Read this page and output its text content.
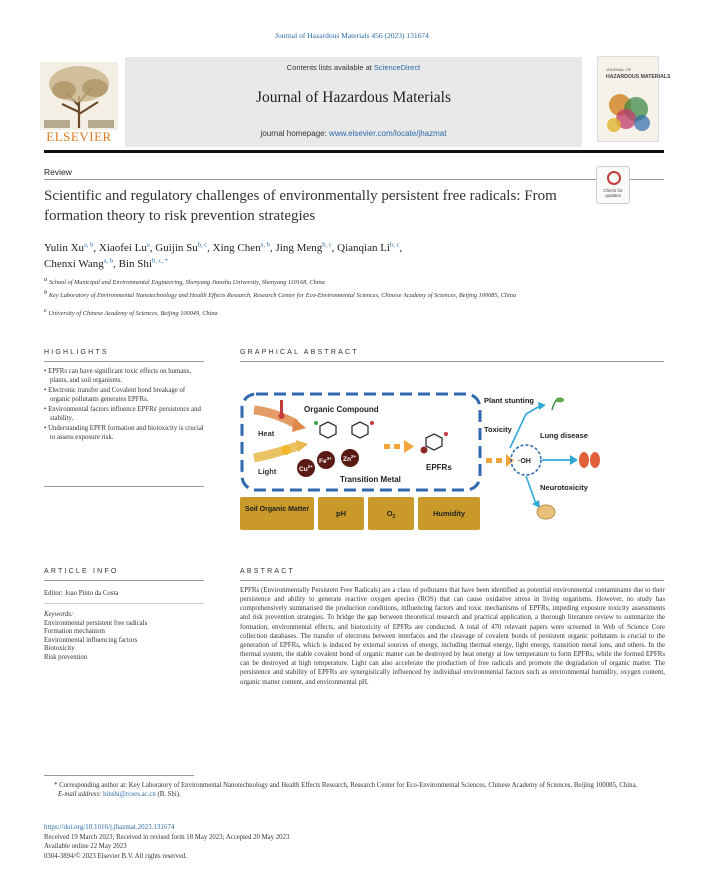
Journal of Hazardous Materials 456 (2023) 131674
ELSEVIER
Contents lists available at ScienceDirect
Journal of Hazardous Materials
journal homepage: www.elsevier.com/locate/jhazmat
JOURNAL OF
HAZARDOUS MATERIALS
Review
Scientific and regulatory challenges of environmentally persistent free radicals: From formation theory to risk prevention strategies
Check for updates
Yulin Xu$^{a, b}$, Xiaofei Lu$^a$, Guijin Su$^{b, c}$, Xing Chen$^{a, b}$, Jing Meng$^{b, c}$, Qianqian Li$^{b, c}$,
Chenxi Wang$^{a, b}$, Bin Shi$^{b, c, *}$
$^a$ School of Municipal and Environmental Engineering, Shenyang Jianzhu University, Shenyang 110168, China
$^b$ Key Laboratory of Environmental Nanotechnology and Health Effects Research, Research Center for Eco-Environmental Sciences, Chinese Academy of Sciences, Beijing 100085, China
$^c$ University of Chinese Academy of Sciences, Beijing 100049, China
HIGHLIGHTS
• EPFRs can have significant toxic effects on humans, plants, and soil organisms.
• Electronic transfer and Covalent bond breakage of organic pollutants generates EPFRs.
• Environmental factors influence EPFRs' persistence and stability.
• Understanding EPFR formation and biotoxicity is crucial to assess exposure risk.
GRAPHICAL ABSTRACT
Heat
Light
Organic Compound
$Cu^{2+}$
$Fe^{3+}$ $Zn^{2+}$
Transition Metal
EPFRs
Toxicity
·OH
Plant stunting
Lung disease
Neurotoxicity
Soil Organic Matter	pH	$O_2$	Humidity
ARTICLE INFO
Editor: Joao Pinto da Costa
Keywords:
Environmental persistent free radicals
Formation mechanism
Environmental influencing factors
Biotoxicity
Risk prevention
ABSTRACT
EPFRs (Environmentally Persistent Free Radicals) are a class of pollutants that have been identified as potential environmental contaminants due to their persistence and ability to generate reactive oxygen species (ROS) that can cause oxidative stress in living organisms. However, no study has comprehensively summarised the production conditions, influencing factors and toxic mechanisms of EPFRs, impeding exposure toxicity assessments and risk prevention strategies. To bridge the gap between theoretical research and practical application, a thorough literature review to summarize the formation, environmental effects, and biotoxicity of EPFRs are conducted. A total of 470 relevant papers were screened in Web of Science Core collection databases. The transfer of electrons between interfaces and the cleavage of covalent bonds of persistent organic pollutants is crucial to the generation of EPFRs, which is induced by external sources of energy, including thermal energy, light energy, transition metal ions, and others. In the thermal system, the stable covalent bond of organic matter can be destroyed by heat energy at low temperature to form EPFRs, while the formed EPFRs can be destroyed at high temperature. Light can also accelerate the production of free radicals and promote the degradation of organic matter. The persistence and stability of EPFRs are synergistically influenced by individual environmental factors such as environmental humidity, oxygen content, organic matter content, and environmental pH.
* Corresponding author at: Key Laboratory of Environmental Nanotechnology and Health Effects Research, Research Center for Eco-Environmental Sciences, Chinese Academy of Sciences, Beijing 100085, China.
E-mail address: binshi@rcees.ac.cn (B. Shi).
https://doi.org/10.1016/j.jhazmat.2023.131674
Received 19 March 2023; Received in revised form 18 May 2023; Accepted 20 May 2023
Available online 22 May 2023
0304-3894/© 2023 Elsevier B.V. All rights reserved.
